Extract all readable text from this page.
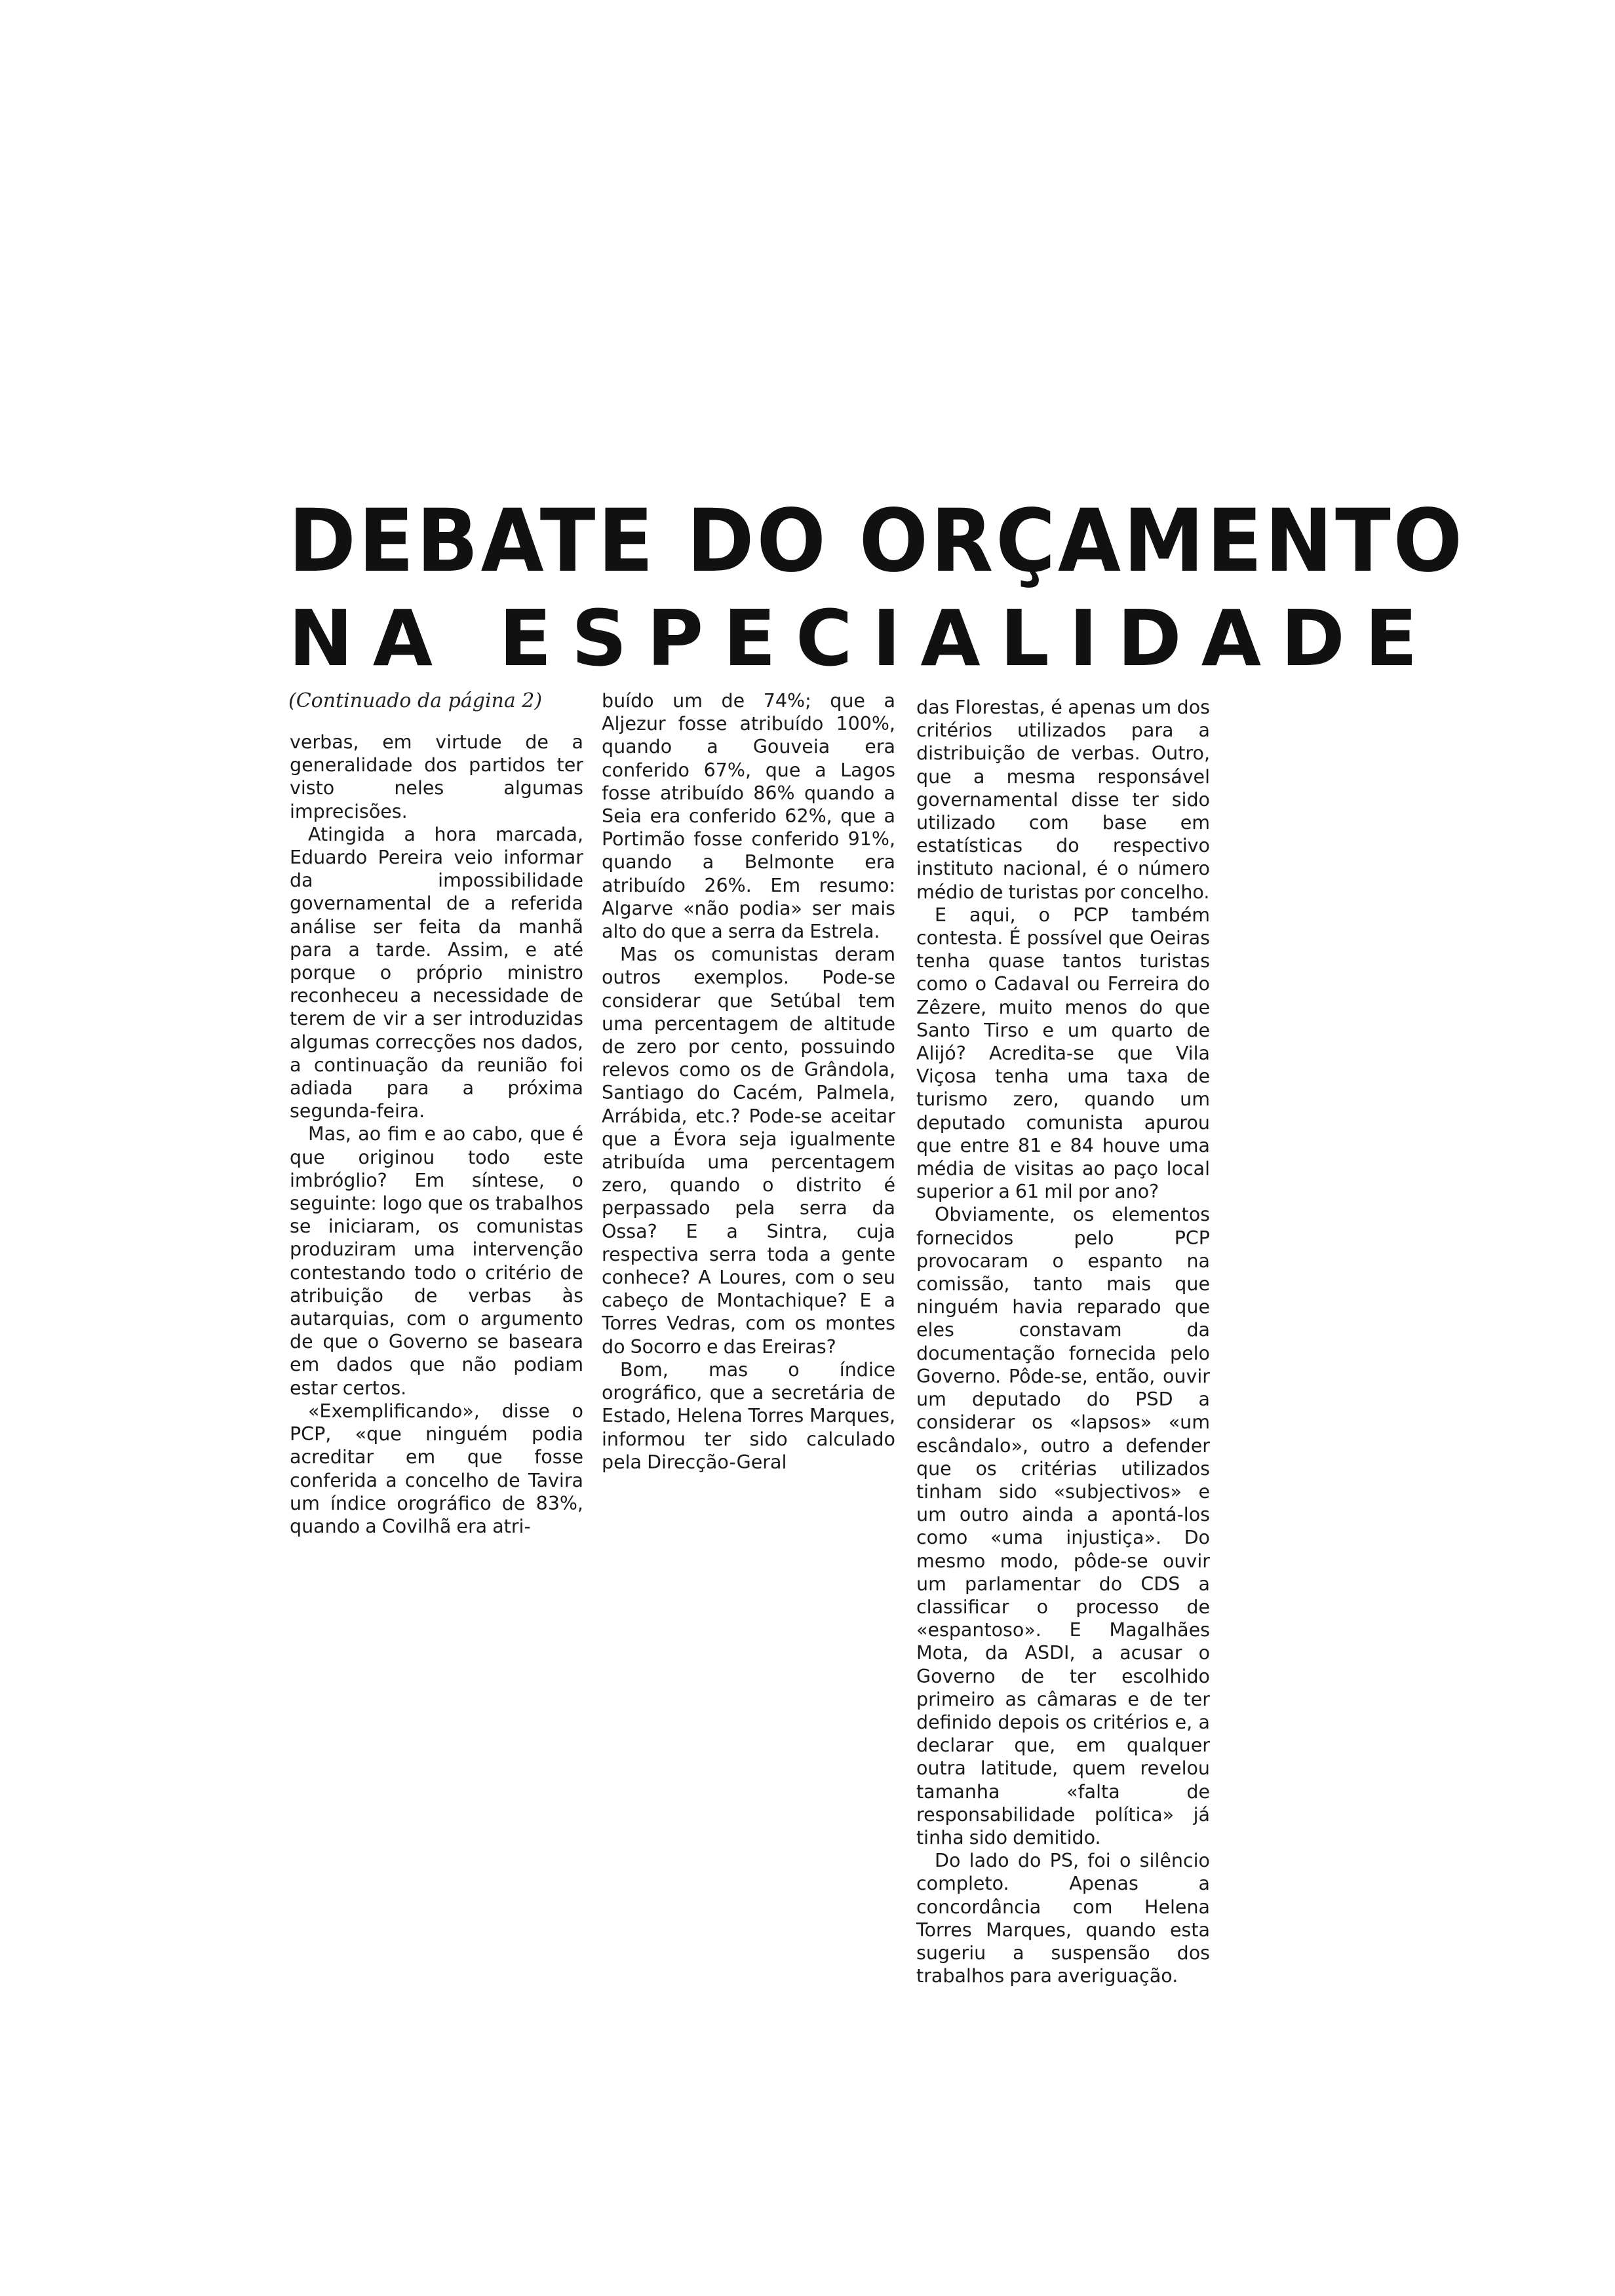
DEBATE DO ORÇAMENTO
NA ESPECIALIDADE
(Continuado da página 2)

verbas, em virtude de a generalidade dos partidos ter visto neles algumas imprecisões.

Atingida a hora marcada, Eduardo Pereira veio informar da impossibilidade governamental de a referida análise ser feita da manhã para a tarde. Assim, e até porque o próprio ministro reconheceu a necessidade de terem de vir a ser introduzidas algumas correcções nos dados, a continuação da reunião foi adiada para a próxima segunda-feira.

Mas, ao fim e ao cabo, que é que originou todo este imbróglio? Em síntese, o seguinte: logo que os trabalhos se iniciaram, os comunistas produziram uma intervenção contestando todo o critério de atribuição de verbas às autarquias, com o argumento de que o Governo se baseara em dados que não podiam estar certos.

«Exemplificando», disse o PCP, «que ninguém podia acreditar em que fosse conferida a concelho de Tavira um índice orográfico de 83%, quando a Covilhã era atri-

buído um de 74%; que a Aljezur fosse atribuído 100%, quando a Gouveia era conferido 67%, que a Lagos fosse atribuído 86% quando a Seia era conferido 62%, que a Portimão fosse conferido 91%, quando a Belmonte era atribuído 26%. Em resumo: Algarve «não podia» ser mais alto do que a serra da Estrela.

Mas os comunistas deram outros exemplos. Pode-se considerar que Setúbal tem uma percentagem de altitude de zero por cento, possuindo relevos como os de Grândola, Santiago do Cacém, Palmela, Arrábida, etc.? Pode-se aceitar que a Évora seja igualmente atribuída uma percentagem zero, quando o distrito é perpassado pela serra da Ossa? E a Sintra, cuja respectiva serra toda a gente conhece? A Loures, com o seu cabeço de Montachique? E a Torres Vedras, com os montes do Socorro e das Ereiras?

Bom, mas o índice orográfico, que a secretária de Estado, Helena Torres Marques, informou ter sido calculado pela Direcção-Geral

das Florestas, é apenas um dos critérios utilizados para a distribuição de verbas. Outro, que a mesma responsável governamental disse ter sido utilizado com base em estatísticas do respectivo instituto nacional, é o número médio de turistas por concelho.

E aqui, o PCP também contesta. É possível que Oeiras tenha quase tantos turistas como o Cadaval ou Ferreira do Zêzere, muito menos do que Santo Tirso e um quarto de Alijó? Acredita-se que Vila Viçosa tenha uma taxa de turismo zero, quando um deputado comunista apurou que entre 81 e 84 houve uma média de visitas ao paço local superior a 61 mil por ano?

Obviamente, os elementos fornecidos pelo PCP provocaram o espanto na comissão, tanto mais que ninguém havia reparado que eles constavam da documentação fornecida pelo Governo. Pôde-se, então, ouvir um deputado do PSD a considerar os «lapsos» «um escândalo», outro a defender que os critérias utilizados tinham sido «subjectivos» e um outro ainda a apontá-los como «uma injustiça». Do mesmo modo, pôde-se ouvir um parlamentar do CDS a classificar o processo de «espantoso». E Magalhães Mota, da ASDI, a acusar o Governo de ter escolhido primeiro as câmaras e de ter definido depois os critérios e, a declarar que, em qualquer outra latitude, quem revelou tamanha «falta de responsabilidade política» já tinha sido demitido.

Do lado do PS, foi o silêncio completo. Apenas a concordância com Helena Torres Marques, quando esta sugeriu a suspensão dos trabalhos para averiguação.
